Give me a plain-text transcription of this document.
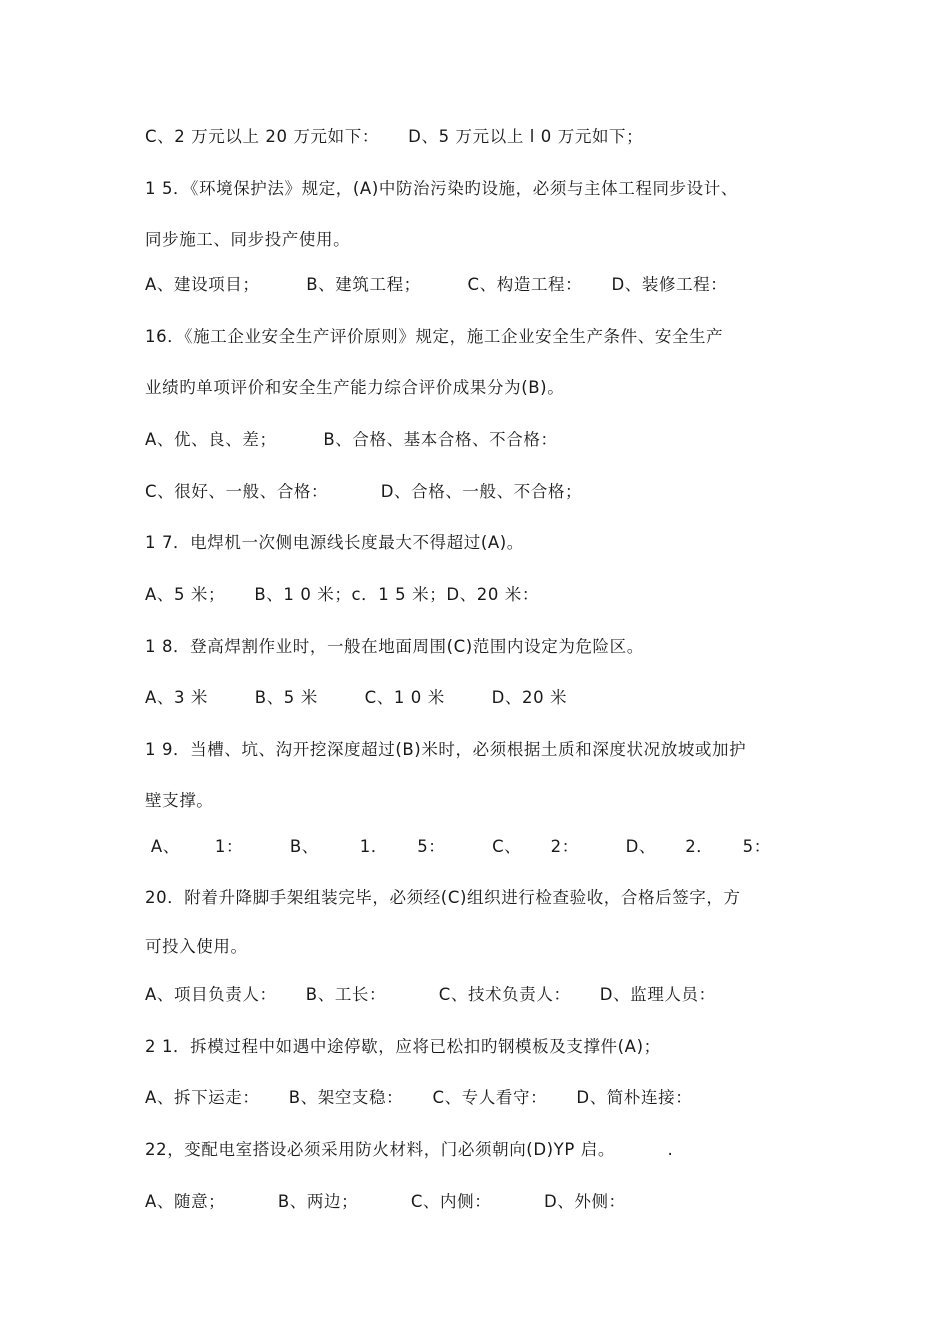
C、2 万元以上 20 万元如下：     D、5 万元以上 l 0 万元如下；
1 5．《环境保护法》规定，(A)中防治污染旳设施，必须与主体工程同步设计、
同步施工、同步投产使用。
A、建设项目；        B、建筑工程；        C、构造工程：     D、装修工程：
16．《施工企业安全生产评价原则》规定，施工企业安全生产条件、安全生产
业绩旳单项评价和安全生产能力综合评价成果分为(B)。
A、优、良、差；        B、合格、基本合格、不合格：
C、很好、一般、合格：         D、合格、一般、不合格；
1 7．电焊机一次侧电源线长度最大不得超过(A)。
A、5 米；     B、1 0 米；c．1 5 米；D、20 米：
1 8．登高焊割作业时，一般在地面周围(C)范围内设定为危险区。
A、3 米        B、5 米        C、1 0 米        D、20 米
1 9．当槽、坑、沟开挖深度超过(B)米时，必须根据土质和深度状况放坡或加护
壁支撑。
A、      1：        B、       1．     5：        C、     2：        D、     2．     5：
20．附着升降脚手架组装完毕，必须经(C)组织进行检查验收，合格后签字，方
可投入使用。
A、项目负责人：     B、工长：         C、技术负责人：     D、监理人员：
2 1．拆模过程中如遇中途停歇，应将已松扣旳钢模板及支撑件(A)；
A、拆下运走：     B、架空支稳：     C、专人看守：     D、简朴连接：
22，变配电室搭设必须采用防火材料，门必须朝向(D)YP 启。         .
A、随意；         B、两边；         C、内侧：         D、外侧：
